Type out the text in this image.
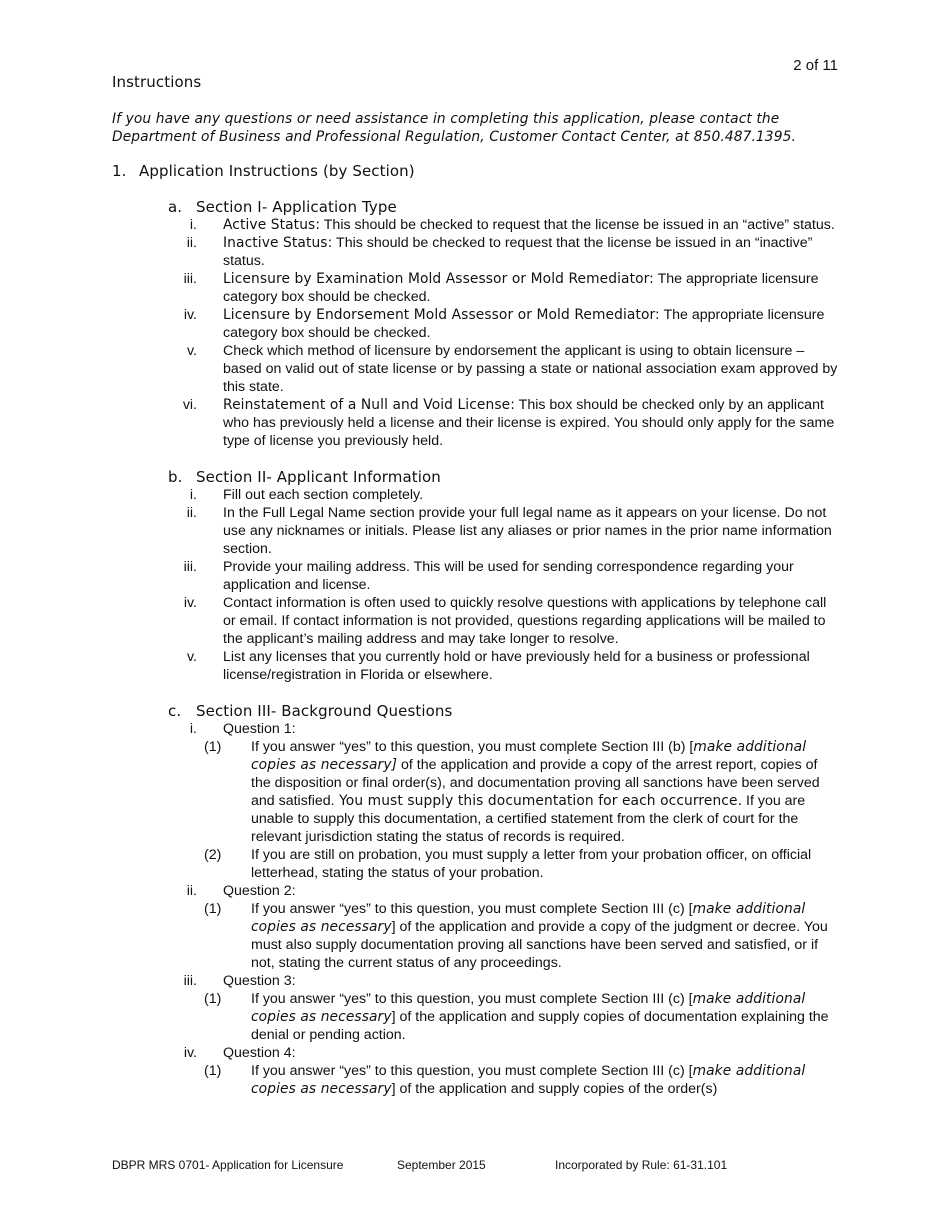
2 of 11
Instructions
If you have any questions or need assistance in completing this application, please contact the Department of Business and Professional Regulation, Customer Contact Center, at 850.487.1395.
1. Application Instructions (by Section)
a. Section I- Application Type
i. Active Status: This should be checked to request that the license be issued in an “active” status.
ii. Inactive Status: This should be checked to request that the license be issued in an “inactive” status.
iii. Licensure by Examination Mold Assessor or Mold Remediator: The appropriate licensure category box should be checked.
iv. Licensure by Endorsement Mold Assessor or Mold Remediator: The appropriate licensure category box should be checked.
v. Check which method of licensure by endorsement the applicant is using to obtain licensure – based on valid out of state license or by passing a state or national association exam approved by this state.
vi. Reinstatement of a Null and Void License: This box should be checked only by an applicant who has previously held a license and their license is expired. You should only apply for the same type of license you previously held.
b. Section II- Applicant Information
i. Fill out each section completely.
ii. In the Full Legal Name section provide your full legal name as it appears on your license. Do not use any nicknames or initials. Please list any aliases or prior names in the prior name information section.
iii. Provide your mailing address. This will be used for sending correspondence regarding your application and license.
iv. Contact information is often used to quickly resolve questions with applications by telephone call or email. If contact information is not provided, questions regarding applications will be mailed to the applicant’s mailing address and may take longer to resolve.
v. List any licenses that you currently hold or have previously held for a business or professional license/registration in Florida or elsewhere.
c. Section III- Background Questions
i. Question 1:
(1) If you answer “yes” to this question, you must complete Section III (b) [make additional copies as necessary] of the application and provide a copy of the arrest report, copies of the disposition or final order(s), and documentation proving all sanctions have been served and satisfied. You must supply this documentation for each occurrence. If you are unable to supply this documentation, a certified statement from the clerk of court for the relevant jurisdiction stating the status of records is required.
(2) If you are still on probation, you must supply a letter from your probation officer, on official letterhead, stating the status of your probation.
ii. Question 2:
(1) If you answer “yes” to this question, you must complete Section III (c) [make additional copies as necessary] of the application and provide a copy of the judgment or decree. You must also supply documentation proving all sanctions have been served and satisfied, or if not, stating the current status of any proceedings.
iii. Question 3:
(1) If you answer “yes” to this question, you must complete Section III (c) [make additional copies as necessary] of the application and supply copies of documentation explaining the denial or pending action.
iv. Question 4:
(1) If you answer “yes” to this question, you must complete Section III (c) [make additional copies as necessary] of the application and supply copies of the order(s)
DBPR MRS 0701- Application for Licensure	September 2015	Incorporated by Rule: 61-31.101
